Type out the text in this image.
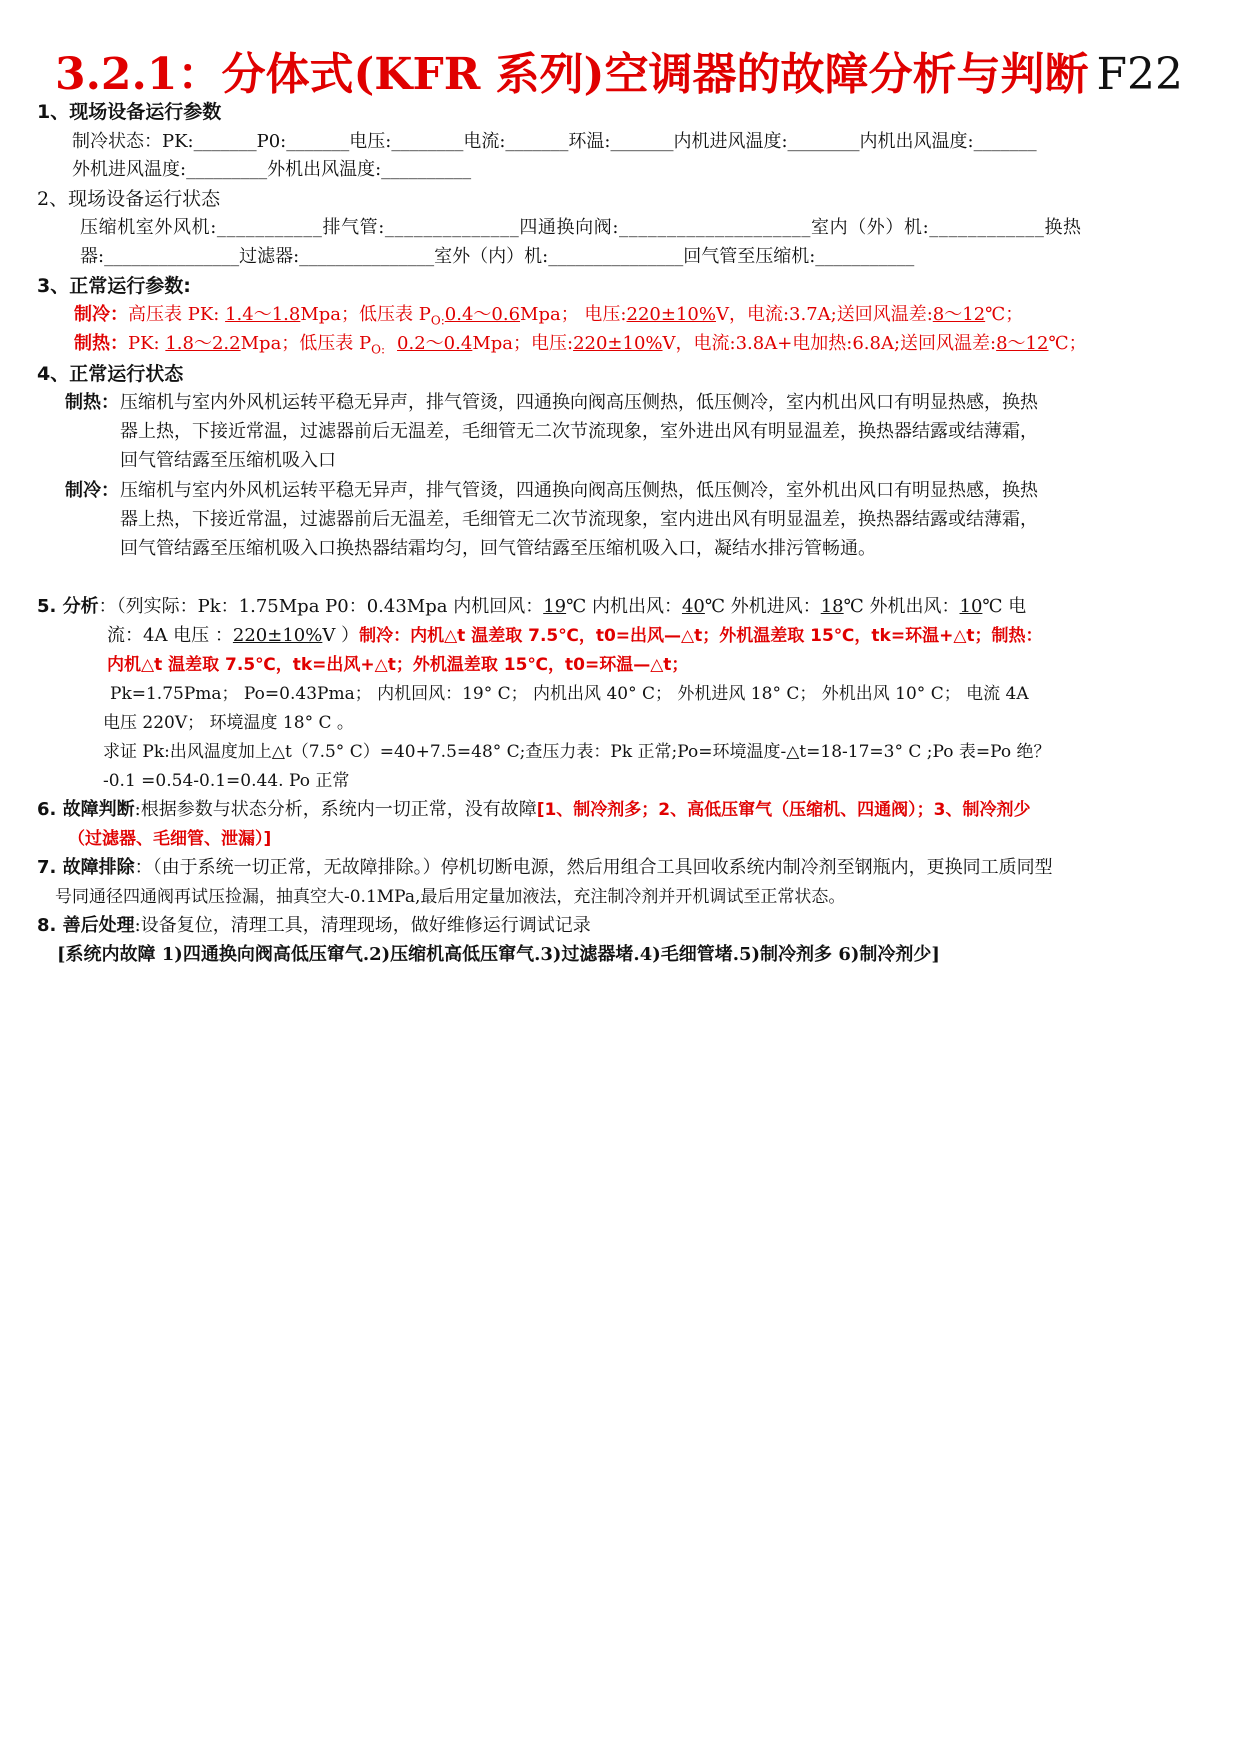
3.2.1：分体式(KFR 系列)空调器的故障分析与判断 F22
1、现场设备运行参数
制冷状态：PK:_______P0:_______电压:________电流:_______环温:_______内机进风温度:________内机出风温度:_______
外机进风温度:_________外机出风温度:__________
2、现场设备运行状态
压缩机室外风机:___________排气管:______________四通换向阀:____________________室内（外）机:____________换热
器:_______________过滤器:_______________室外（内）机:_______________回气管至压缩机:___________
3、正常运行参数:
制冷：高压表 PK: 1.4～1.8Mpa；低压表 $P_{O:}0.4\sim 0.6Mpa$； 电压:220±10%V，电流:3.7A;送回风温差:8～12℃；
制热：PK: 1.8～2.2Mpa；低压表 $P_{O:}$ 0.2～0.4Mpa；电压:220±10%V，电流:3.8A+电加热:6.8A;送回风温差:8～12℃；
4、正常运行状态
制热： 压缩机与室内外风机运转平稳无异声，排气管烫，四通换向阀高压侧热，低压侧冷，室内机出风口有明显热感，换热
器上热，下接近常温，过滤器前后无温差，毛细管无二次节流现象，室外进出风有明显温差，换热器结露或结薄霜，
回气管结露至压缩机吸入口
制冷： 压缩机与室内外风机运转平稳无异声，排气管烫，四通换向阀高压侧热，低压侧冷，室外机出风口有明显热感，换热
器上热，下接近常温，过滤器前后无温差，毛细管无二次节流现象，室内进出风有明显温差，换热器结露或结薄霜，
回气管结露至压缩机吸入口换热器结霜均匀，回气管结露至压缩机吸入口，凝结水排污管畅通。
5. 分析：（列实际：Pk：1.75Mpa P0：0.43Mpa 内机回风：19℃ 内机出风：40℃ 外机进风：18℃ 外机出风：10℃ 电
流：4A 电压 ：220±10%V ）制冷：内机△t 温差取 7.5℃，t0=出风—△t；外机温差取 15℃，tk=环温+△t；制热：
内机△t 温差取 7.5℃，tk=出风+△t；外机温差取 15℃，t0=环温—△t；
Pk=1.75Pma； Po=0.43Pma； 内机回风：19° C； 内机出风 40° C； 外机进风 18° C； 外机出风 10° C； 电流 4A
电压 220V； 环境温度 18° C 。
求证 Pk:出风温度加上△t（7.5° C）=40+7.5=48° C;查压力表：Pk 正常;Po=环境温度-△t=18-17=3° C ;Po 表=Po 绝？
-0.1 =0.54-0.1=0.44. Po 正常
6. 故障判断:根据参数与状态分析，系统内一切正常，没有故障[1、制冷剂多；2、高低压窜气（压缩机、四通阀）；3、制冷剂少
（过滤器、毛细管、泄漏）]
7. 故障排除：（由于系统一切正常，无故障排除。）停机切断电源，然后用组合工具回收系统内制冷剂至钢瓶内，更换同工质同型
号同通径四通阀再试压捡漏，抽真空大-0.1MPa,最后用定量加液法，充注制冷剂并开机调试至正常状态。
8. 善后处理:设备复位，清理工具，清理现场，做好维修运行调试记录
[系统内故障 1)四通换向阀高低压窜气.2)压缩机高低压窜气.3)过滤器堵.4)毛细管堵.5)制冷剂多 6)制冷剂少]
